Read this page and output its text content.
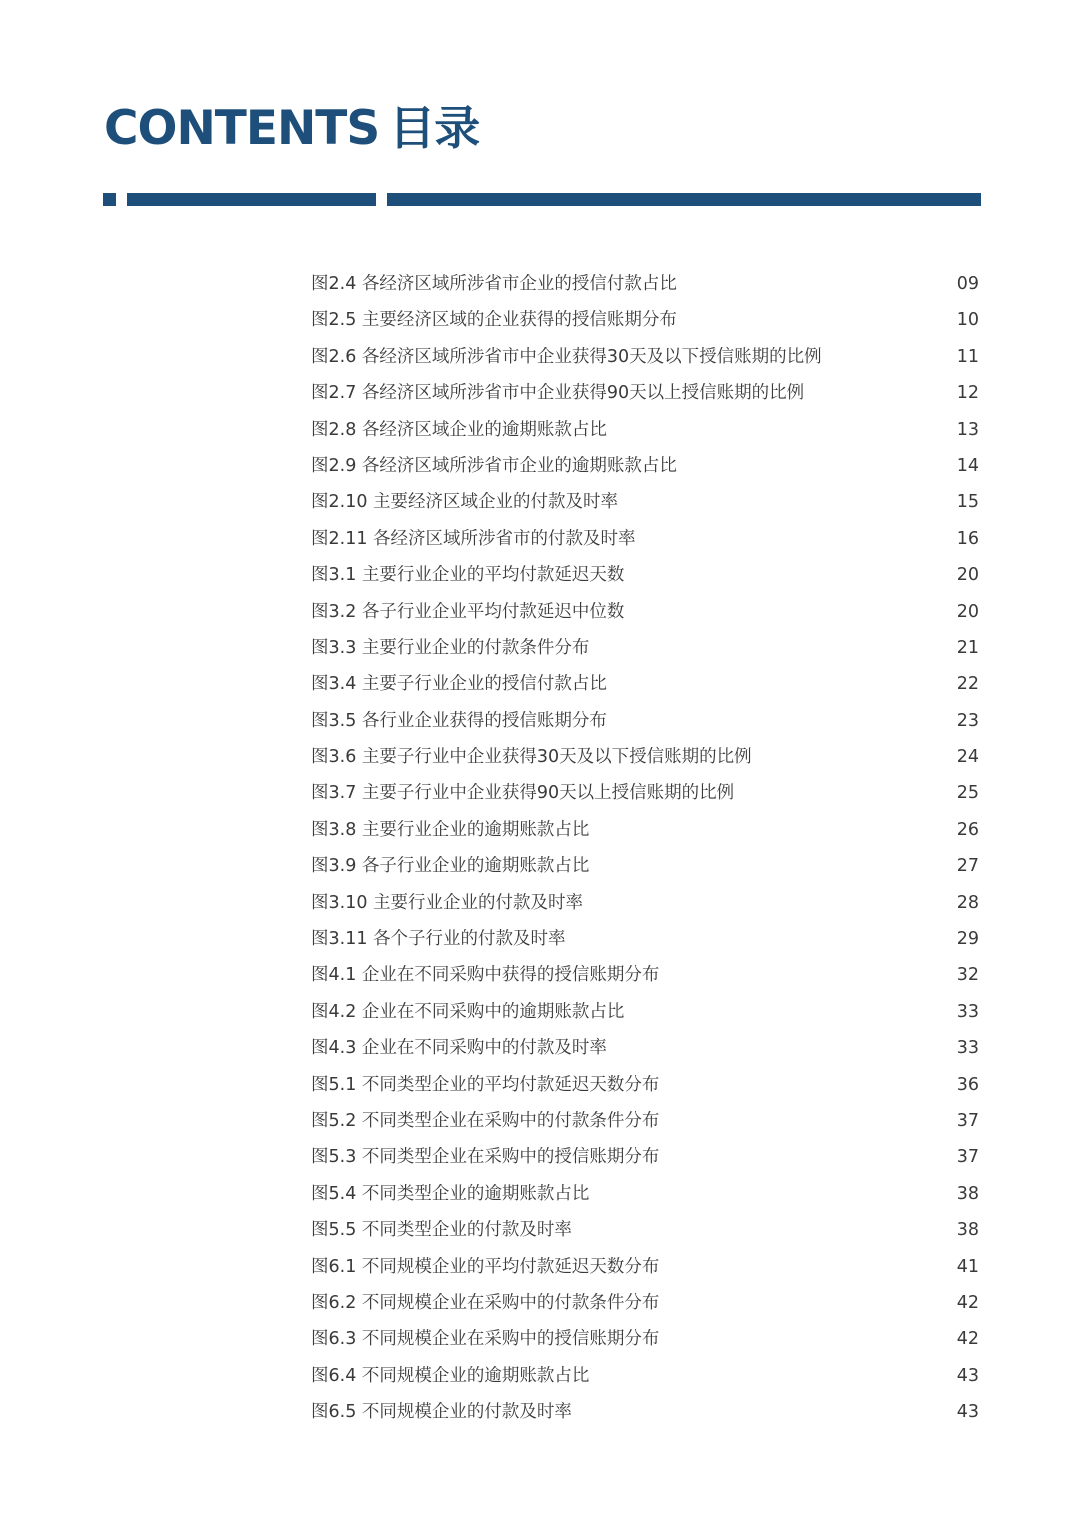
CONTENTS 目录
图2.4 各经济区域所涉省市企业的授信付款占比	09
图2.5 主要经济区域的企业获得的授信账期分布	10
图2.6 各经济区域所涉省市中企业获得30天及以下授信账期的比例	11
图2.7 各经济区域所涉省市中企业获得90天以上授信账期的比例	12
图2.8 各经济区域企业的逾期账款占比	13
图2.9 各经济区域所涉省市企业的逾期账款占比	14
图2.10 主要经济区域企业的付款及时率	15
图2.11 各经济区域所涉省市的付款及时率	16
图3.1 主要行业企业的平均付款延迟天数	20
图3.2 各子行业企业平均付款延迟中位数	20
图3.3 主要行业企业的付款条件分布	21
图3.4 主要子行业企业的授信付款占比	22
图3.5 各行业企业获得的授信账期分布	23
图3.6 主要子行业中企业获得30天及以下授信账期的比例	24
图3.7 主要子行业中企业获得90天以上授信账期的比例	25
图3.8 主要行业企业的逾期账款占比	26
图3.9 各子行业企业的逾期账款占比	27
图3.10 主要行业企业的付款及时率	28
图3.11 各个子行业的付款及时率	29
图4.1 企业在不同采购中获得的授信账期分布	32
图4.2 企业在不同采购中的逾期账款占比	33
图4.3 企业在不同采购中的付款及时率	33
图5.1 不同类型企业的平均付款延迟天数分布	36
图5.2 不同类型企业在采购中的付款条件分布	37
图5.3 不同类型企业在采购中的授信账期分布	37
图5.4 不同类型企业的逾期账款占比	38
图5.5 不同类型企业的付款及时率	38
图6.1 不同规模企业的平均付款延迟天数分布	41
图6.2 不同规模企业在采购中的付款条件分布	42
图6.3 不同规模企业在采购中的授信账期分布	42
图6.4 不同规模企业的逾期账款占比	43
图6.5 不同规模企业的付款及时率	43
